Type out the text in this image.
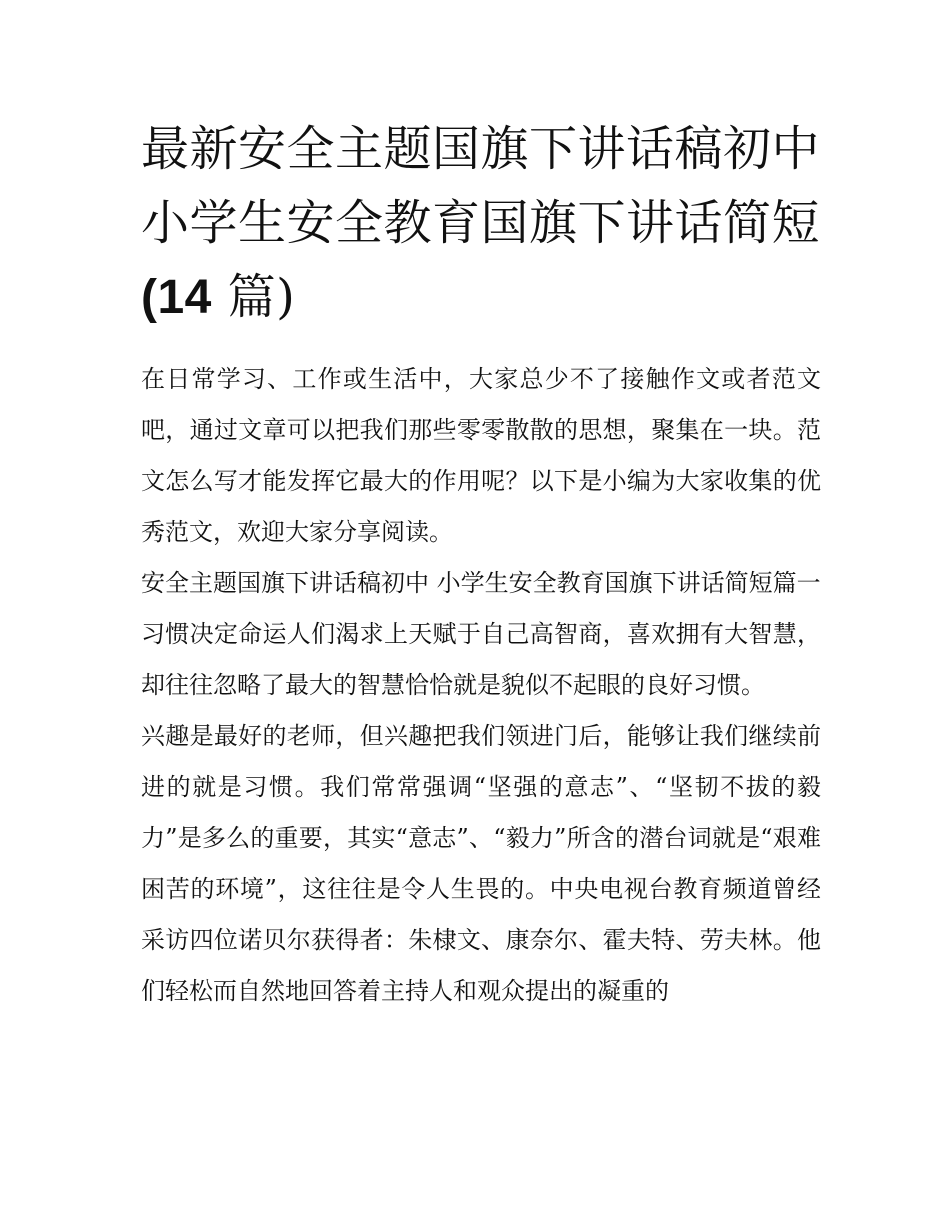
最新安全主题国旗下讲话稿初中 小学生安全教育国旗下讲话简短(14 篇)

在日常学习、工作或生活中，大家总少不了接触作文或者范文吧，通过文章可以把我们那些零零散散的思想，聚集在一块。范文怎么写才能发挥它最大的作用呢？以下是小编为大家收集的优秀范文，欢迎大家分享阅读。

安全主题国旗下讲话稿初中 小学生安全教育国旗下讲话简短篇一

习惯决定命运人们渴求上天赋于自己高智商，喜欢拥有大智慧，却往往忽略了最大的智慧恰恰就是貌似不起眼的良好习惯。

兴趣是最好的老师，但兴趣把我们领进门后，能够让我们继续前进的就是习惯。我们常常强调“坚强的意志”、“坚韧不拔的毅力”是多么的重要，其实“意志”、“毅力”所含的潜台词就是“艰难困苦的环境”，这往往是令人生畏的。中央电视台教育频道曾经采访四位诺贝尔获得者：朱棣文、康奈尔、霍夫特、劳夫林。他们轻松而自然地回答着主持人和观众提出的凝重的
